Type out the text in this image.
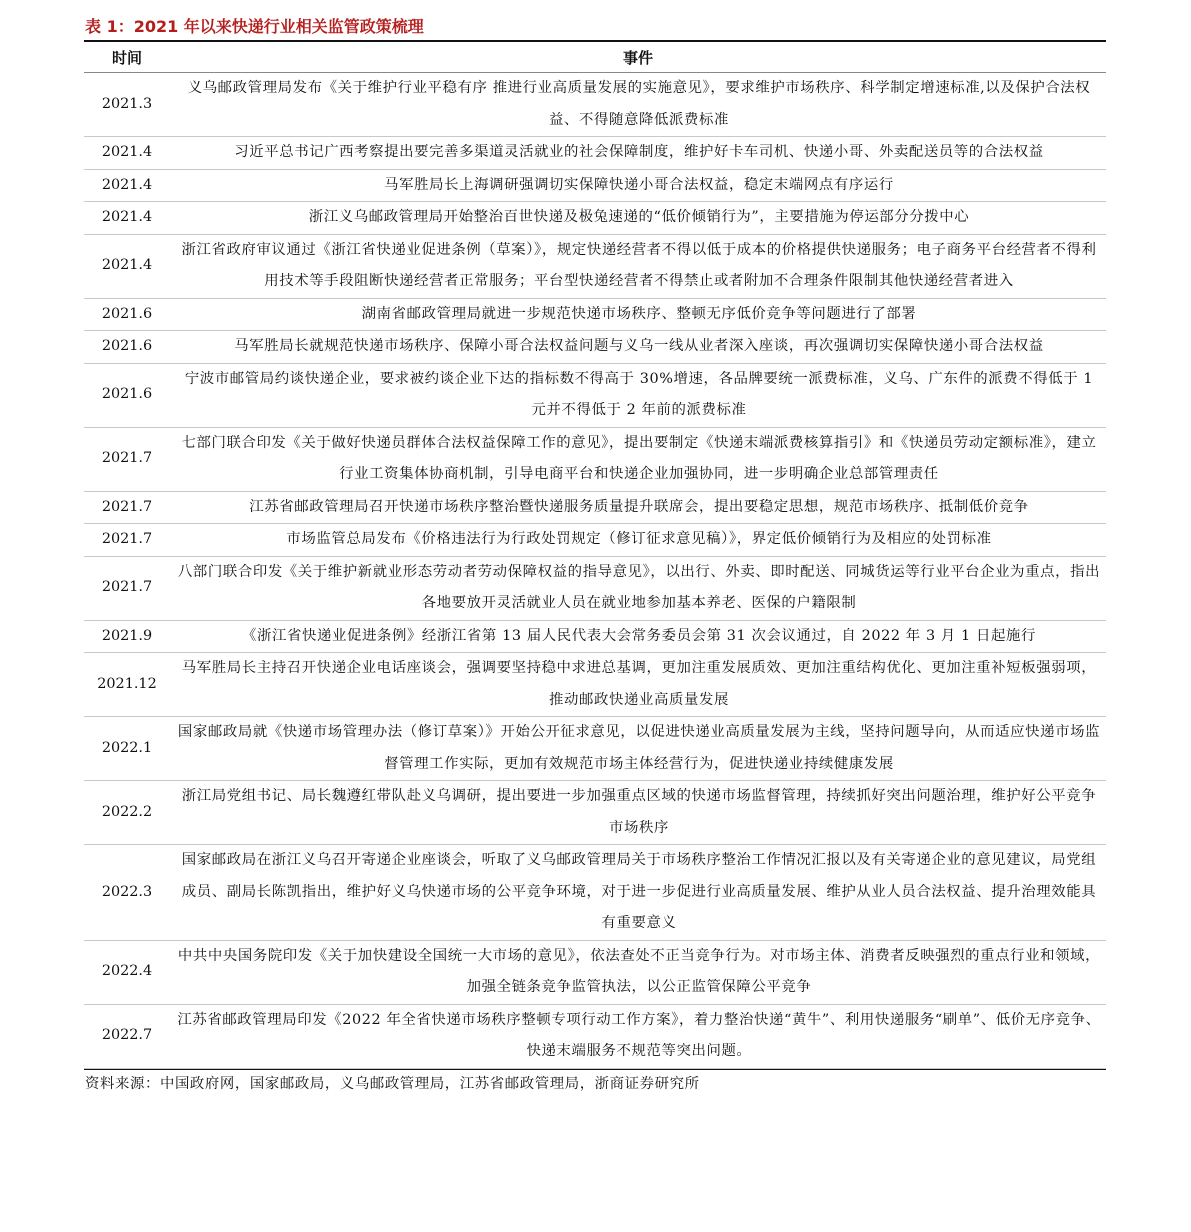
表 1：2021 年以来快递行业相关监管政策梳理
时间	事件
2021.3	义乌邮政管理局发布《关于维护行业平稳有序 推进行业高质量发展的实施意见》，要求维护市场秩序、科学制定增速标准,以及保护合法权益、不得随意降低派费标准
2021.4	习近平总书记广西考察提出要完善多渠道灵活就业的社会保障制度，维护好卡车司机、快递小哥、外卖配送员等的合法权益
2021.4	马军胜局长上海调研强调切实保障快递小哥合法权益，稳定末端网点有序运行
2021.4	浙江义乌邮政管理局开始整治百世快递及极兔速递的“低价倾销行为”，主要措施为停运部分分拨中心
2021.4	浙江省政府审议通过《浙江省快递业促进条例（草案）》，规定快递经营者不得以低于成本的价格提供快递服务；电子商务平台经营者不得利用技术等手段阻断快递经营者正常服务；平台型快递经营者不得禁止或者附加不合理条件限制其他快递经营者进入
2021.6	湖南省邮政管理局就进一步规范快递市场秩序、整顿无序低价竞争等问题进行了部署
2021.6	马军胜局长就规范快递市场秩序、保障小哥合法权益问题与义乌一线从业者深入座谈，再次强调切实保障快递小哥合法权益
2021.6	宁波市邮管局约谈快递企业，要求被约谈企业下达的指标数不得高于 30%增速，各品牌要统一派费标准，义乌、广东件的派费不得低于 1 元并不得低于 2 年前的派费标准
2021.7	七部门联合印发《关于做好快递员群体合法权益保障工作的意见》，提出要制定《快递末端派费核算指引》和《快递员劳动定额标准》，建立行业工资集体协商机制，引导电商平台和快递企业加强协同，进一步明确企业总部管理责任
2021.7	江苏省邮政管理局召开快递市场秩序整治暨快递服务质量提升联席会，提出要稳定思想，规范市场秩序、抵制低价竞争
2021.7	市场监管总局发布《价格违法行为行政处罚规定（修订征求意见稿）》，界定低价倾销行为及相应的处罚标准
2021.7	八部门联合印发《关于维护新就业形态劳动者劳动保障权益的指导意见》，以出行、外卖、即时配送、同城货运等行业平台企业为重点，指出各地要放开灵活就业人员在就业地参加基本养老、医保的户籍限制
2021.9	《浙江省快递业促进条例》经浙江省第 13 届人民代表大会常务委员会第 31 次会议通过，自 2022 年 3 月 1 日起施行
2021.12	马军胜局长主持召开快递企业电话座谈会，强调要坚持稳中求进总基调，更加注重发展质效、更加注重结构优化、更加注重补短板强弱项，推动邮政快递业高质量发展
2022.1	国家邮政局就《快递市场管理办法（修订草案）》开始公开征求意见，以促进快递业高质量发展为主线，坚持问题导向，从而适应快递市场监督管理工作实际，更加有效规范市场主体经营行为，促进快递业持续健康发展
2022.2	浙江局党组书记、局长魏遵红带队赴义乌调研，提出要进一步加强重点区域的快递市场监督管理，持续抓好突出问题治理，维护好公平竞争市场秩序
2022.3	国家邮政局在浙江义乌召开寄递企业座谈会，听取了义乌邮政管理局关于市场秩序整治工作情况汇报以及有关寄递企业的意见建议，局党组成员、副局长陈凯指出，维护好义乌快递市场的公平竞争环境，对于进一步促进行业高质量发展、维护从业人员合法权益、提升治理效能具有重要意义
2022.4	中共中央国务院印发《关于加快建设全国统一大市场的意见》，依法查处不正当竞争行为。对市场主体、消费者反映强烈的重点行业和领域，加强全链条竞争监管执法，以公正监管保障公平竞争
2022.7	江苏省邮政管理局印发《2022 年全省快递市场秩序整顿专项行动工作方案》，着力整治快递“黄牛”、利用快递服务“刷单”、低价无序竞争、快递末端服务不规范等突出问题。
资料来源：中国政府网，国家邮政局，义乌邮政管理局，江苏省邮政管理局，浙商证券研究所
